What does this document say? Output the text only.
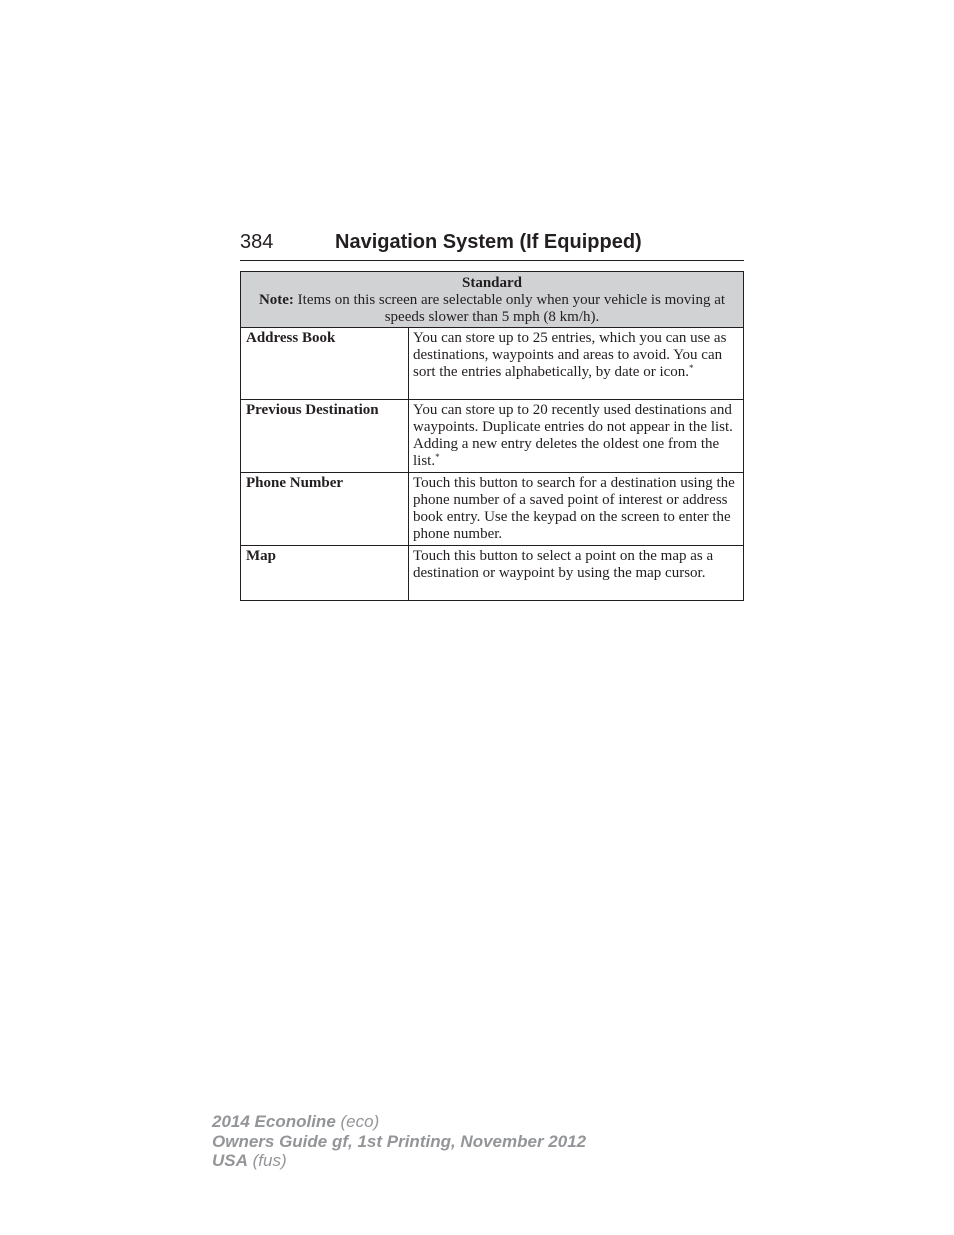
384	Navigation System (If Equipped)
Standard
Note: Items on this screen are selectable only when your vehicle is moving at speeds slower than 5 mph (8 km/h).	

Address Book	You can store up to 25 entries, which you can use as destinations, waypoints and areas to avoid. You can sort the entries alphabetically, by date or icon.*
Previous Destination	You can store up to 20 recently used destinations and waypoints. Duplicate entries do not appear in the list. Adding a new entry deletes the oldest one from the list.*
Phone Number	Touch this button to search for a destination using the phone number of a saved point of interest or address book entry. Use the keypad on the screen to enter the phone number.
Map	Touch this button to select a point on the map as a destination or waypoint by using the map cursor.
2014 Econoline (eco)
Owners Guide gf, 1st Printing, November 2012
USA (fus)
